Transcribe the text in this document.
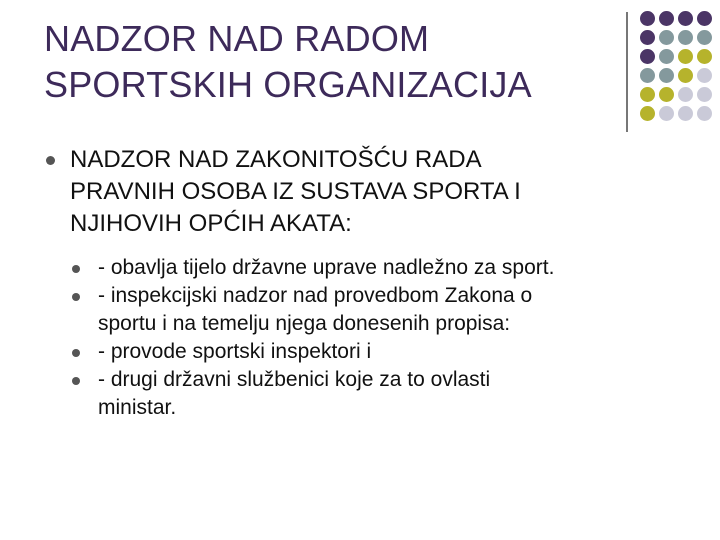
NADZOR NAD RADOM
SPORTSKIH ORGANIZACIJA
NADZOR NAD ZAKONITOŠĆU RADA
PRAVNIH OSOBA IZ SUSTAVA SPORTA I
NJIHOVIH OPĆIH AKATA:
- obavlja tijelo državne uprave nadležno za sport.
- inspekcijski nadzor nad provedbom Zakona o
sportu i na temelju njega donesenih propisa:
- provode sportski inspektori i
- drugi državni službenici koje za to ovlasti
ministar.
